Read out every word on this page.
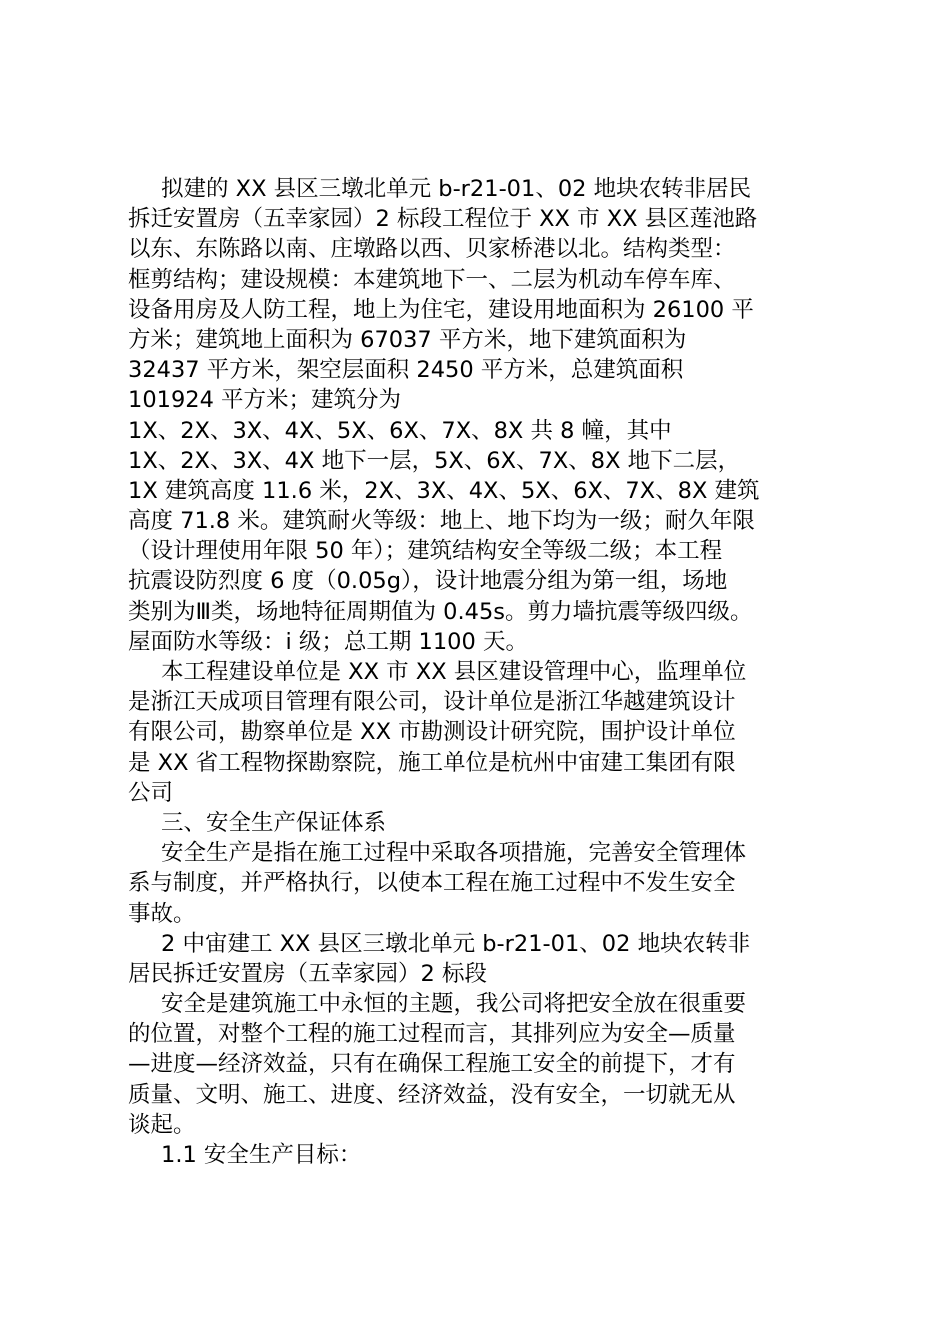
拟建的 XX 县区三墩北单元 b-r21-01、02 地块农转非居民
拆迁安置房（五幸家园）2 标段工程位于 XX 市 XX 县区莲池路
以东、东陈路以南、庄墩路以西、贝家桥港以北。结构类型：
框剪结构；建设规模：本建筑地下一、二层为机动车停车库、
设备用房及人防工程，地上为住宅，建设用地面积为 26100 平
方米；建筑地上面积为 67037 平方米，地下建筑面积为
32437 平方米，架空层面积 2450 平方米，总建筑面积
101924 平方米；建筑分为
1X、2X、3X、4X、5X、6X、7X、8X 共 8 幢，其中
1X、2X、3X、4X 地下一层，5X、6X、7X、8X 地下二层，
1X 建筑高度 11.6 米，2X、3X、4X、5X、6X、7X、8X 建筑
高度 71.8 米。建筑耐火等级：地上、地下均为一级；耐久年限
（设计理使用年限 50 年）；建筑结构安全等级二级；本工程
抗震设防烈度 6 度（0.05g），设计地震分组为第一组，场地
类别为Ⅲ类，场地特征周期值为 0.45s。剪力墙抗震等级四级。
屋面防水等级：i 级；总工期 1100 天。
本工程建设单位是 XX 市 XX 县区建设管理中心，监理单位
是浙江天成项目管理有限公司，设计单位是浙江华越建筑设计
有限公司，勘察单位是 XX 市勘测设计研究院，围护设计单位
是 XX 省工程物探勘察院，施工单位是杭州中宙建工集团有限
公司
三、安全生产保证体系
安全生产是指在施工过程中采取各项措施，完善安全管理体
系与制度，并严格执行，以使本工程在施工过程中不发生安全
事故。
2 中宙建工 XX 县区三墩北单元 b-r21-01、02 地块农转非
居民拆迁安置房（五幸家园）2 标段
安全是建筑施工中永恒的主题，我公司将把安全放在很重要
的位置，对整个工程的施工过程而言，其排列应为安全—质量
—进度—经济效益，只有在确保工程施工安全的前提下，才有
质量、文明、施工、进度、经济效益，没有安全，一切就无从
谈起。
1.1 安全生产目标：
